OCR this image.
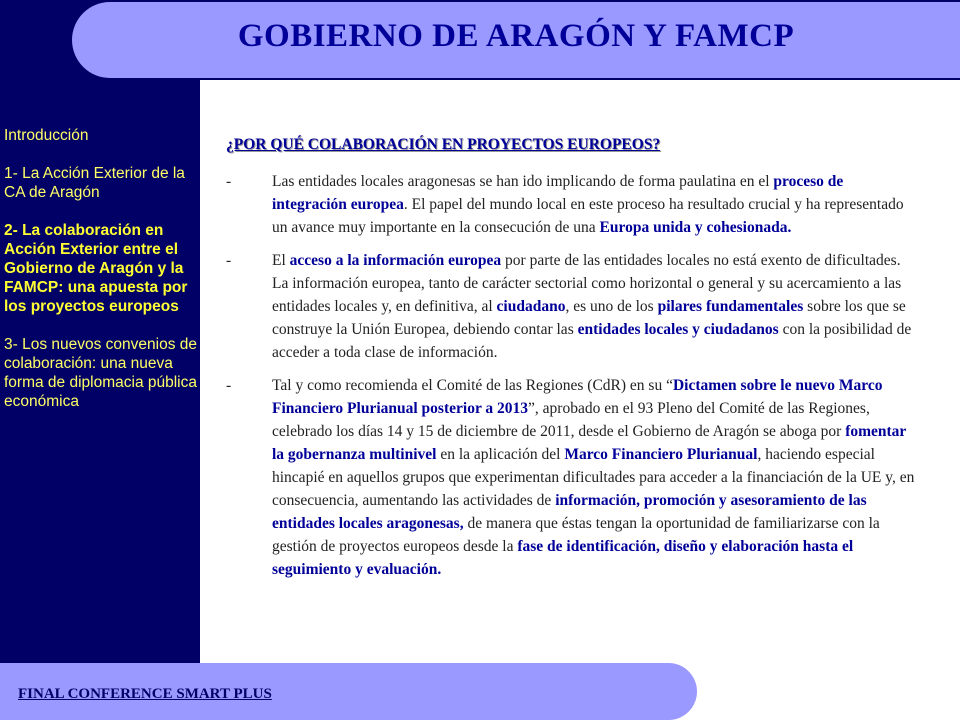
GOBIERNO DE ARAGÓN Y FAMCP
Introducción
1- La Acción Exterior de la CA de Aragón
2- La colaboración en Acción Exterior entre el Gobierno de Aragón y la FAMCP: una apuesta por los proyectos europeos
3- Los nuevos convenios de colaboración: una nueva forma de diplomacia pública económica
¿POR QUÉ COLABORACIÓN EN PROYECTOS EUROPEOS?
-	Las entidades locales aragonesas se han ido implicando de forma paulatina en el proceso de integración europea. El papel del mundo local en este proceso ha resultado crucial y ha representado un avance muy importante en la consecución de una Europa unida y cohesionada.
-	El acceso a la información europea por parte de las entidades locales no está exento de dificultades. La información europea, tanto de carácter sectorial como horizontal o general y su acercamiento a las entidades locales y, en definitiva, al ciudadano, es uno de los pilares fundamentales sobre los que se construye la Unión Europea, debiendo contar las entidades locales y ciudadanos con la posibilidad de acceder a toda clase de información.
-	Tal y como recomienda el Comité de las Regiones (CdR) en su “Dictamen sobre le nuevo Marco Financiero Plurianual posterior a 2013”, aprobado en el 93 Pleno del Comité de las Regiones, celebrado los días 14 y 15 de diciembre de 2011, desde el Gobierno de Aragón se aboga por fomentar la gobernanza multinivel en la aplicación del Marco Financiero Plurianual, haciendo especial hincapié en aquellos grupos que experimentan dificultades para acceder a la financiación de la UE y, en consecuencia, aumentando las actividades de información, promoción y asesoramiento de las entidades locales aragonesas, de manera que éstas tengan la oportunidad de familiarizarse con la gestión de proyectos europeos desde la fase de identificación, diseño y elaboración hasta el seguimiento y evaluación.
FINAL CONFERENCE SMART PLUS
